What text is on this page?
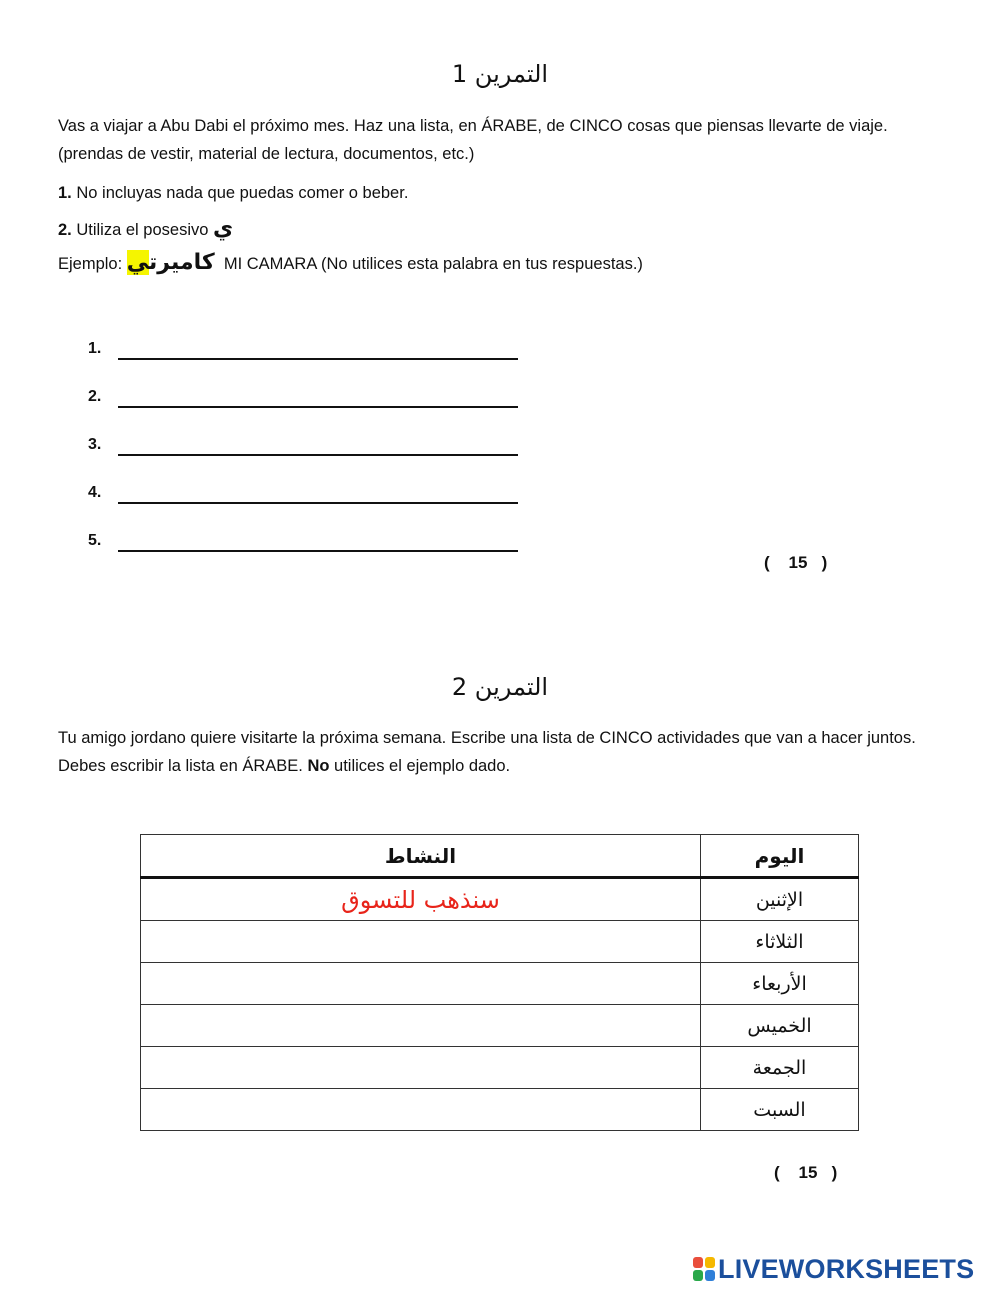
التمرين 1
Vas a viajar a Abu Dabi el próximo mes. Haz una lista, en ÁRABE, de CINCO cosas que piensas llevarte de viaje. (prendas de vestir, material de lectura, documentos, etc.)
1. No incluyas nada que puedas comer o beber.
2. Utiliza el posesivo ي
Ejemplo: كاميرتي	MI CAMARA (No utilices esta palabra en tus respuestas.)
1.
2.
3.
4.
5.
(    15   )
التمرين 2
Tu amigo jordano quiere visitarte la próxima semana. Escribe una lista de CINCO actividades que van a hacer juntos. Debes escribir la lista en ÁRABE. No utilices el ejemplo dado.
النشاط	اليوم
سنذهب للتسوق	الإثنين
	الثلاثاء
	الأربعاء
	الخميس
	الجمعة
	السبت
(    15   )
LIVEWORKSHEETS
